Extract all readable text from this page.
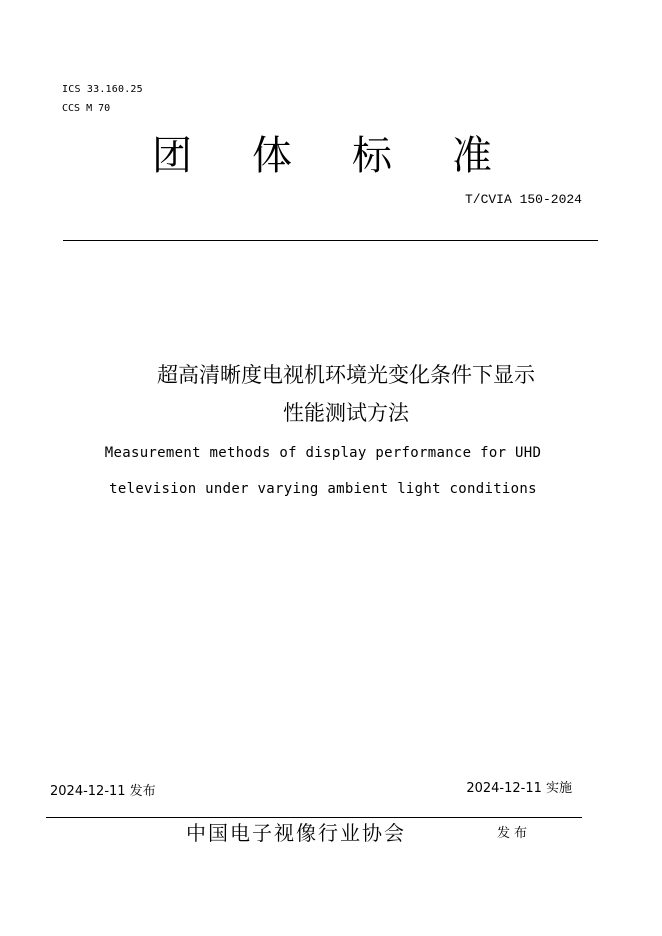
ICS 33.160.25
CCS M 70
团体标准
T/CVIA 150-2024
超高清晰度电视机环境光变化条件下显示
性能测试方法
Measurement methods of display performance for UHD
television under varying ambient light conditions
2024-12-11 发布	2024-12-11 实施
中国电子视像行业协会	发布
